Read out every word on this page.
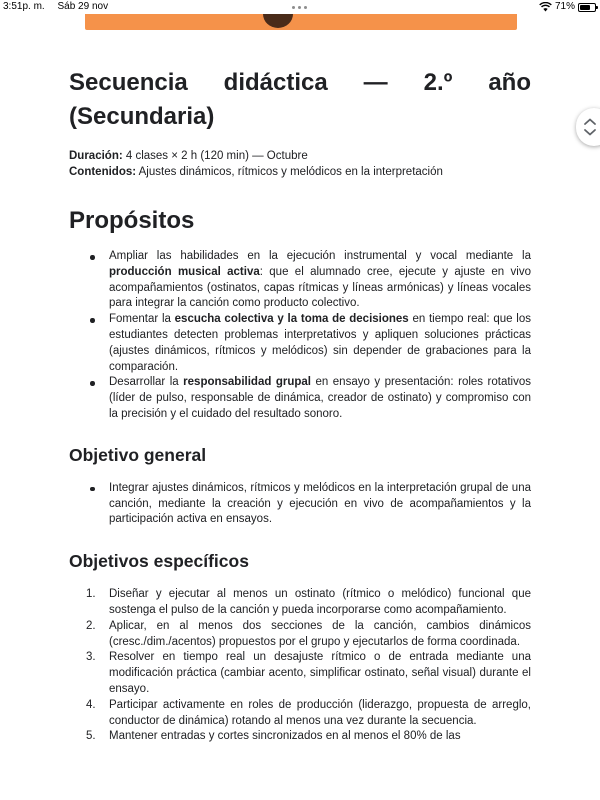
3:51p. m. Sáb 29 nov	71%
Secuencia didáctica — 2.º año (Secundaria)
Duración: 4 clases × 2 h (120 min) — Octubre
Contenidos: Ajustes dinámicos, rítmicos y melódicos en la interpretación
Propósitos
Ampliar las habilidades en la ejecución instrumental y vocal mediante la producción musical activa: que el alumnado cree, ejecute y ajuste en vivo acompañamientos (ostinatos, capas rítmicas y líneas armónicas) y líneas vocales para integrar la canción como producto colectivo.
Fomentar la escucha colectiva y la toma de decisiones en tiempo real: que los estudiantes detecten problemas interpretativos y apliquen soluciones prácticas (ajustes dinámicos, rítmicos y melódicos) sin depender de grabaciones para la comparación.
Desarrollar la responsabilidad grupal en ensayo y presentación: roles rotativos (líder de pulso, responsable de dinámica, creador de ostinato) y compromiso con la precisión y el cuidado del resultado sonoro.
Objetivo general
Integrar ajustes dinámicos, rítmicos y melódicos en la interpretación grupal de una canción, mediante la creación y ejecución en vivo de acompañamientos y la participación activa en ensayos.
Objetivos específicos
1. Diseñar y ejecutar al menos un ostinato (rítmico o melódico) funcional que sostenga el pulso de la canción y pueda incorporarse como acompañamiento.
2. Aplicar, en al menos dos secciones de la canción, cambios dinámicos (cresc./dim./acentos) propuestos por el grupo y ejecutarlos de forma coordinada.
3. Resolver en tiempo real un desajuste rítmico o de entrada mediante una modificación práctica (cambiar acento, simplificar ostinato, señal visual) durante el ensayo.
4. Participar activamente en roles de producción (liderazgo, propuesta de arreglo, conductor de dinámica) rotando al menos una vez durante la secuencia.
5. Mantener entradas y cortes sincronizados en al menos el 80% de las
